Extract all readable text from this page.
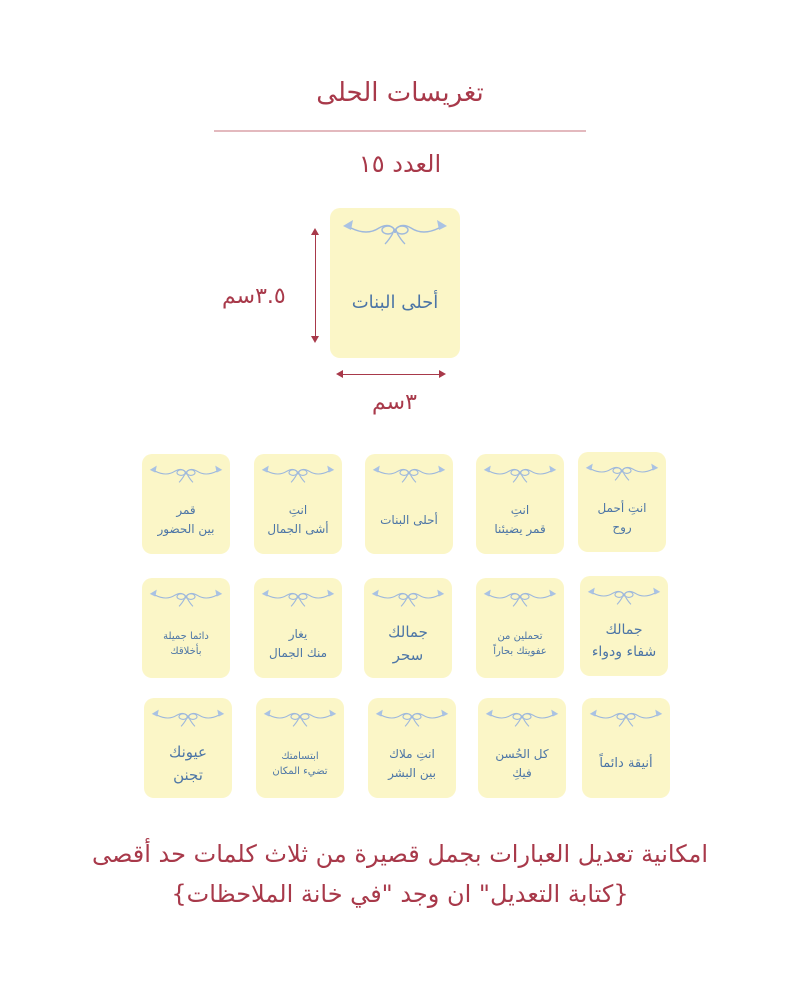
تغريسات الحلى
العدد ١٥
أحلى البنات
٣.٥سم
٣سم
انتِ أحمل
روح
انتِ
قمر يضيئنا
أحلى البنات
انتِ
أشى الجمال
قمر
بين الحضور
جمالك
شفاء ودواء
تحملين من
عفويتك بحاراً
جمالك
سحر
يغار
منك الجمال
دائما جميلة
بأخلاقك
أنيقة دائماً
كل الحُسن
فيكِ
انتِ ملاك
بين البشر
ابتسامتك
تضيء المكان
عيونك
تجنن
امكانية تعديل العبارات بجمل قصيرة من ثلاث كلمات حد أقصى
{كتابة التعديل" ان وجد "في خانة الملاحظات}
